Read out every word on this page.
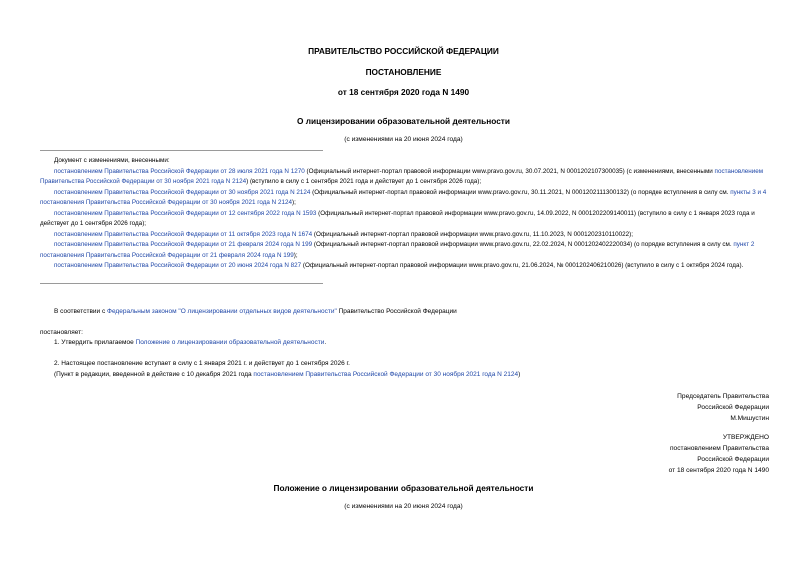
ПРАВИТЕЛЬСТВО РОССИЙСКОЙ ФЕДЕРАЦИИ
ПОСТАНОВЛЕНИЕ
от 18 сентября 2020 года N 1490
О лицензировании образовательной деятельности
(с изменениями на 20 июня 2024 года)

Документ с изменениями, внесенными:

постановлением Правительства Российской Федерации от 28 июля 2021 года N 1270 (Официальный интернет-портал правовой информации www.pravo.gov.ru, 30.07.2021, N 0001202107300035) (с изменениями, внесенными постановлением Правительства Российской Федерации от 30 ноября 2021 года N 2124) (вступило в силу с 1 сентября 2021 года и действует до 1 сентября 2026 года);

постановлением Правительства Российской Федерации от 30 ноября 2021 года N 2124 (Официальный интернет-портал правовой информации www.pravo.gov.ru, 30.11.2021, N 0001202111300132) (о порядке вступления в силу см. пункты 3 и 4 постановления Правительства Российской Федерации от 30 ноября 2021 года N 2124);

постановлением Правительства Российской Федерации от 12 сентября 2022 года N 1593 (Официальный интернет-портал правовой информации www.pravo.gov.ru, 14.09.2022, N 0001202209140011) (вступило в силу с 1 января 2023 года и действует до 1 сентября 2026 года);

постановлением Правительства Российской Федерации от 11 октября 2023 года N 1674 (Официальный интернет-портал правовой информации www.pravo.gov.ru, 11.10.2023, N 0001202310110022);

постановлением Правительства Российской Федерации от 21 февраля 2024 года N 199 (Официальный интернет-портал правовой информации www.pravo.gov.ru, 22.02.2024, N 0001202402220034) (о порядке вступления в силу см. пункт 2 постановления Правительства Российской Федерации от 21 февраля 2024 года N 199);

постановлением Правительства Российской Федерации от 20 июня 2024 года N 827 (Официальный интернет-портал правовой информации www.pravo.gov.ru, 21.06.2024, № 0001202406210026) (вступило в силу с 1 октября 2024 года).

В соответствии с Федеральным законом "О лицензировании отдельных видов деятельности" Правительство Российской Федерации

постановляет:

1. Утвердить прилагаемое Положение о лицензировании образовательной деятельности.

2. Настоящее постановление вступает в силу с 1 января 2021 г. и действует до 1 сентября 2026 г.

(Пункт в редакции, введенной в действие с 10 декабря 2021 года постановлением Правительства Российской Федерации от 30 ноября 2021 года N 2124)

Председатель Правительства

Российской Федерации

М.Мишустин

УТВЕРЖДЕНО

постановлением Правительства

Российской Федерации

от 18 сентября 2020 года N 1490

Положение о лицензировании образовательной деятельности
(с изменениями на 20 июня 2024 года)
